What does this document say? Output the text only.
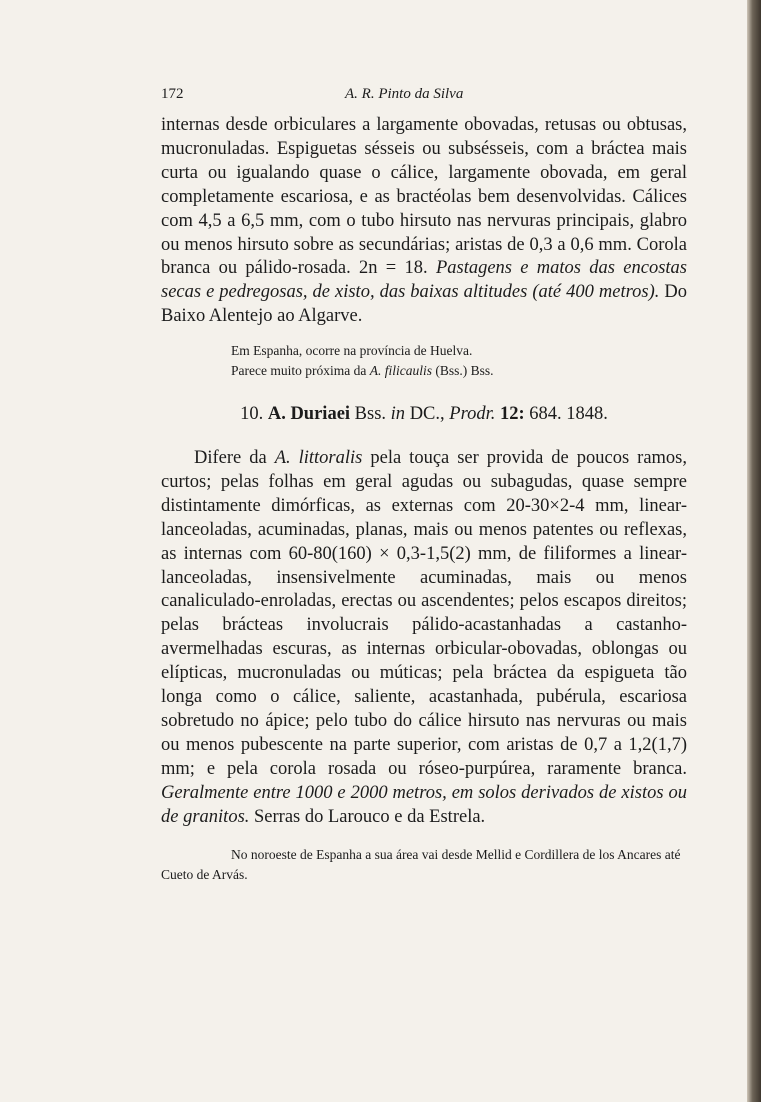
172	A. R. Pinto da Silva

internas desde orbiculares a largamente obovadas, retusas ou obtusas, mucronuladas. Espiguetas sésseis ou subsésseis, com a bráctea mais curta ou igualando quase o cálice, largamente obovada, em geral completamente escariosa, e as bractéolas bem desenvolvidas. Cálices com 4,5 a 6,5 mm, com o tubo hirsuto nas nervuras principais, glabro ou menos hirsuto sobre as secundárias; aristas de 0,3 a 0,6 mm. Corola branca ou pálido-rosada. 2n = 18. Pastagens e matos das encostas secas e pedregosas, de xisto, das baixas altitudes (até 400 metros). Do Baixo Alentejo ao Algarve.

Em Espanha, ocorre na província de Huelva.

Parece muito próxima da A. filicaulis (Bss.) Bss.

10. A. Duriaei Bss. in DC., Prodr. 12: 684. 1848.

Difere da A. littoralis pela touça ser provida de poucos ramos, curtos; pelas folhas em geral agudas ou subagudas, quase sempre distintamente dimórficas, as externas com 20-30×2-4 mm, linear-lanceoladas, acuminadas, planas, mais ou menos patentes ou reflexas, as internas com 60-80(160) × 0,3-1,5(2) mm, de filiformes a linear-lanceoladas, insensivelmente acuminadas, mais ou menos canaliculado-enroladas, erectas ou ascendentes; pelos escapos direitos; pelas brácteas involucrais pálido-acastanhadas a castanho-avermelhadas escuras, as internas orbicular-obovadas, oblongas ou elípticas, mucronuladas ou múticas; pela bráctea da espigueta tão longa como o cálice, saliente, acastanhada, pubérula, escariosa sobretudo no ápice; pelo tubo do cálice hirsuto nas nervuras ou mais ou menos pubescente na parte superior, com aristas de 0,7 a 1,2(1,7) mm; e pela corola rosada ou róseo-purpúrea, raramente branca. Geralmente entre 1000 e 2000 metros, em solos derivados de xistos ou de granitos. Serras do Larouco e da Estrela.

No noroeste de Espanha a sua área vai desde Mellid e Cordillera de los Ancares até Cueto de Arvás.
